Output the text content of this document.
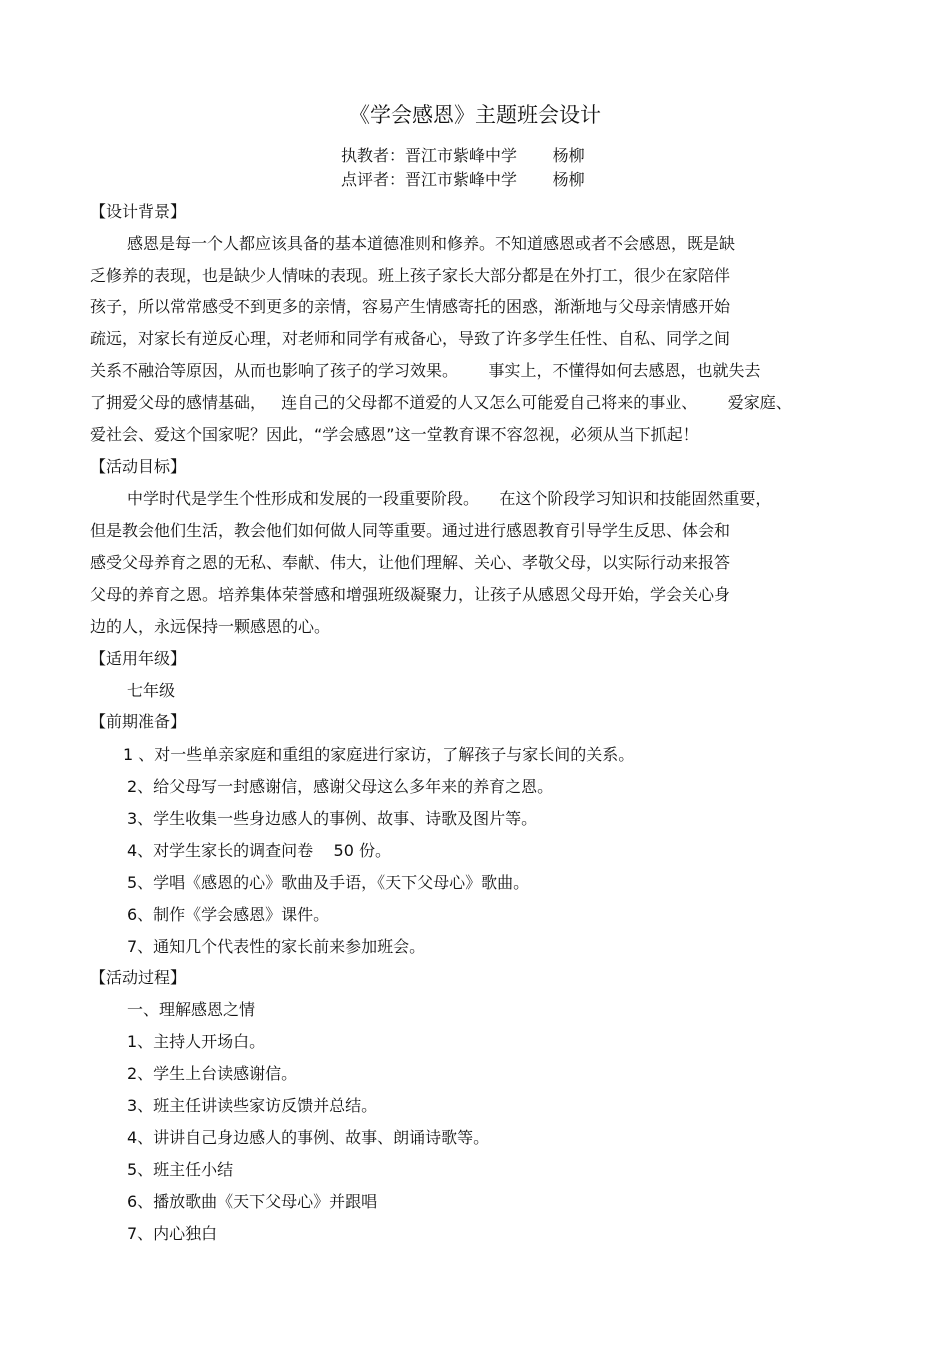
《学会感恩》主题班会设计
执教者：晋江市紫峰中学       杨柳
点评者：晋江市紫峰中学       杨柳
【设计背景】
感恩是每一个人都应该具备的基本道德准则和修养。不知道感恩或者不会感恩，既是缺
乏修养的表现，也是缺少人情味的表现。班上孩子家长大部分都是在外打工，很少在家陪伴
孩子，所以常常感受不到更多的亲情，容易产生情感寄托的困惑，渐渐地与父母亲情感开始
疏远，对家长有逆反心理，对老师和同学有戒备心，导致了许多学生任性、自私、同学之间
关系不融洽等原因，从而也影响了孩子的学习效果。      事实上，不懂得如何去感恩，也就失去
了拥爱父母的感情基础，   连自己的父母都不道爱的人又怎么可能爱自己将来的事业、      爱家庭、
爱社会、爱这个国家呢？因此，“学会感恩”这一堂教育课不容忽视，必须从当下抓起！
【活动目标】
中学时代是学生个性形成和发展的一段重要阶段。    在这个阶段学习知识和技能固然重要，
但是教会他们生活，教会他们如何做人同等重要。通过进行感恩教育引导学生反思、体会和
感受父母养育之恩的无私、奉献、伟大，让他们理解、关心、孝敬父母，以实际行动来报答
父母的养育之恩。培养集体荣誉感和增强班级凝聚力，让孩子从感恩父母开始，学会关心身
边的人，永远保持一颗感恩的心。
【适用年级】
七年级
【前期准备】
1 、对一些单亲家庭和重组的家庭进行家访，了解孩子与家长间的关系。
2、给父母写一封感谢信，感谢父母这么多年来的养育之恩。
3、学生收集一些身边感人的事例、故事、诗歌及图片等。
4、对学生家长的调查问卷    50 份。
5、学唱《感恩的心》歌曲及手语，《天下父母心》歌曲。
6、制作《学会感恩》课件。
7、通知几个代表性的家长前来参加班会。
【活动过程】
一、理解感恩之情
1、主持人开场白。
2、学生上台读感谢信。
3、班主任讲读些家访反馈并总结。
4、讲讲自己身边感人的事例、故事、朗诵诗歌等。
5、班主任小结
6、播放歌曲《天下父母心》并跟唱
7、内心独白
